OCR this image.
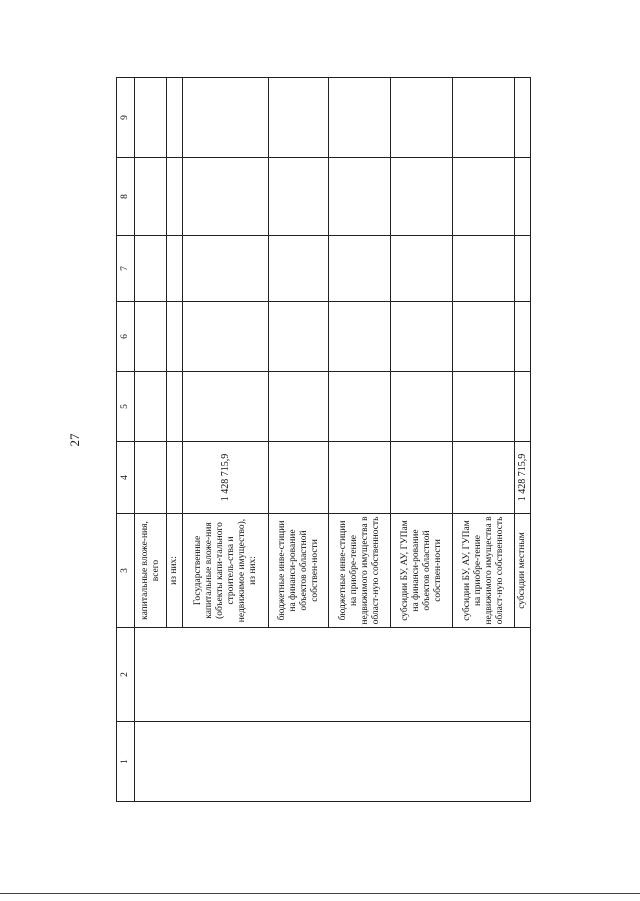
27
1	2	3	4	5	6	7	8	9
		капитальные вложе-ния, всего						
		из них:						
		Государственные капитальные вложе-ния (объекты капи-тального строитель-ства и недвижимое имущество), из них:	1 428 715,9					
		бюджетные инве-стиции на финанси-рование объектов областной собствен-ности						
		бюджетные инве-стиции на приобре-тение недвижимого имущества в област-ную собственность						
		субсидии БУ, АУ, ГУПам на финанси-рование объектов областной собствен-ности						
		субсидии БУ, АУ, ГУПам на приобре-тение недвижимого имущества в област-ную собственность						
		субсидии местным	1 428 715,9					
